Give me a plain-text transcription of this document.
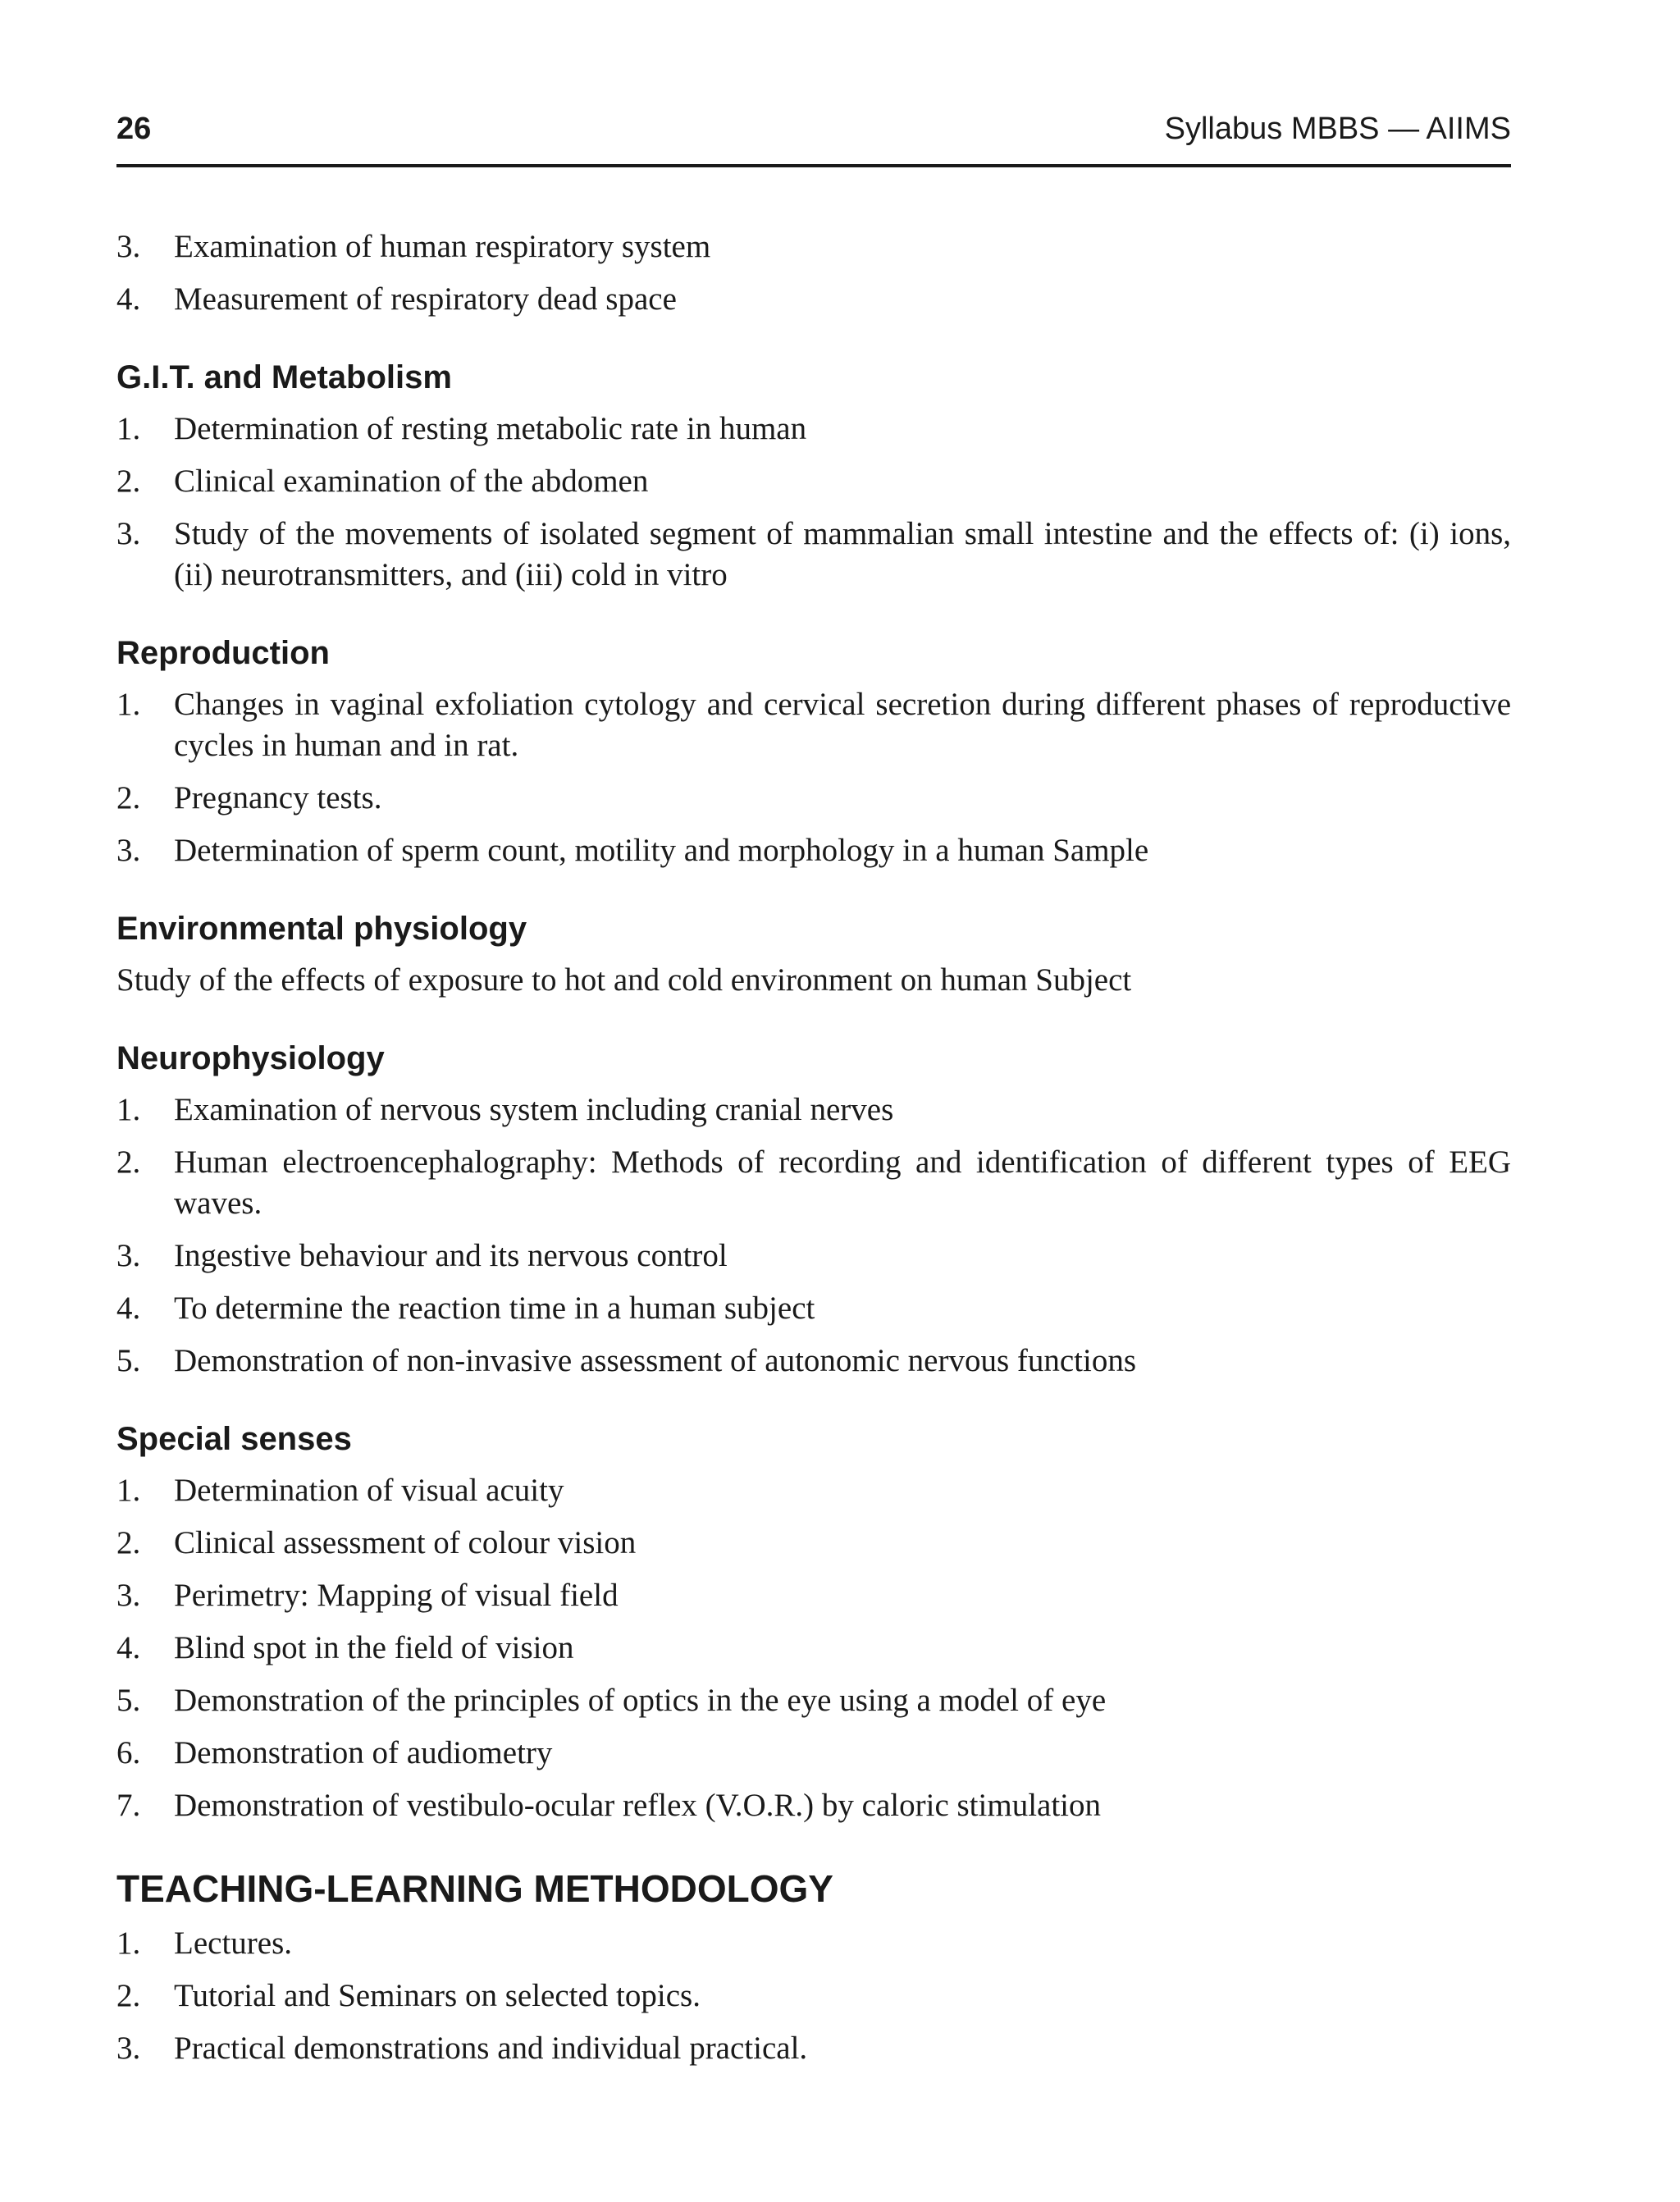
26	Syllabus MBBS — AIIMS
3.	Examination of human respiratory system
4.	Measurement of respiratory dead space
G.I.T. and Metabolism
1.	Determination of resting metabolic rate in human
2.	Clinical examination of the abdomen
3.	Study of the movements of isolated segment of mammalian small intestine and the effects of: (i) ions, (ii) neurotransmitters, and (iii) cold in vitro
Reproduction
1.	Changes in vaginal exfoliation cytology and cervical secretion during different phases of reproductive cycles in human and in rat.
2.	Pregnancy tests.
3.	Determination of sperm count, motility and morphology in a human Sample
Environmental physiology

Study of the effects of exposure to hot and cold environment on human Subject

Neurophysiology
1.	Examination of nervous system including cranial nerves
2.	Human electroencephalography: Methods of recording and identification of different types of EEG waves.
3.	Ingestive behaviour and its nervous control
4.	To determine the reaction time in a human subject
5.	Demonstration of non-invasive assessment of autonomic nervous functions
Special senses
1.	Determination of visual acuity
2.	Clinical assessment of colour vision
3.	Perimetry: Mapping of visual field
4.	Blind spot in the field of vision
5.	Demonstration of the principles of optics in the eye using a model of eye
6.	Demonstration of audiometry
7.	Demonstration of vestibulo-ocular reflex (V.O.R.) by caloric stimulation
TEACHING-LEARNING METHODOLOGY
1.	Lectures.
2.	Tutorial and Seminars on selected topics.
3.	Practical demonstrations and individual practical.
